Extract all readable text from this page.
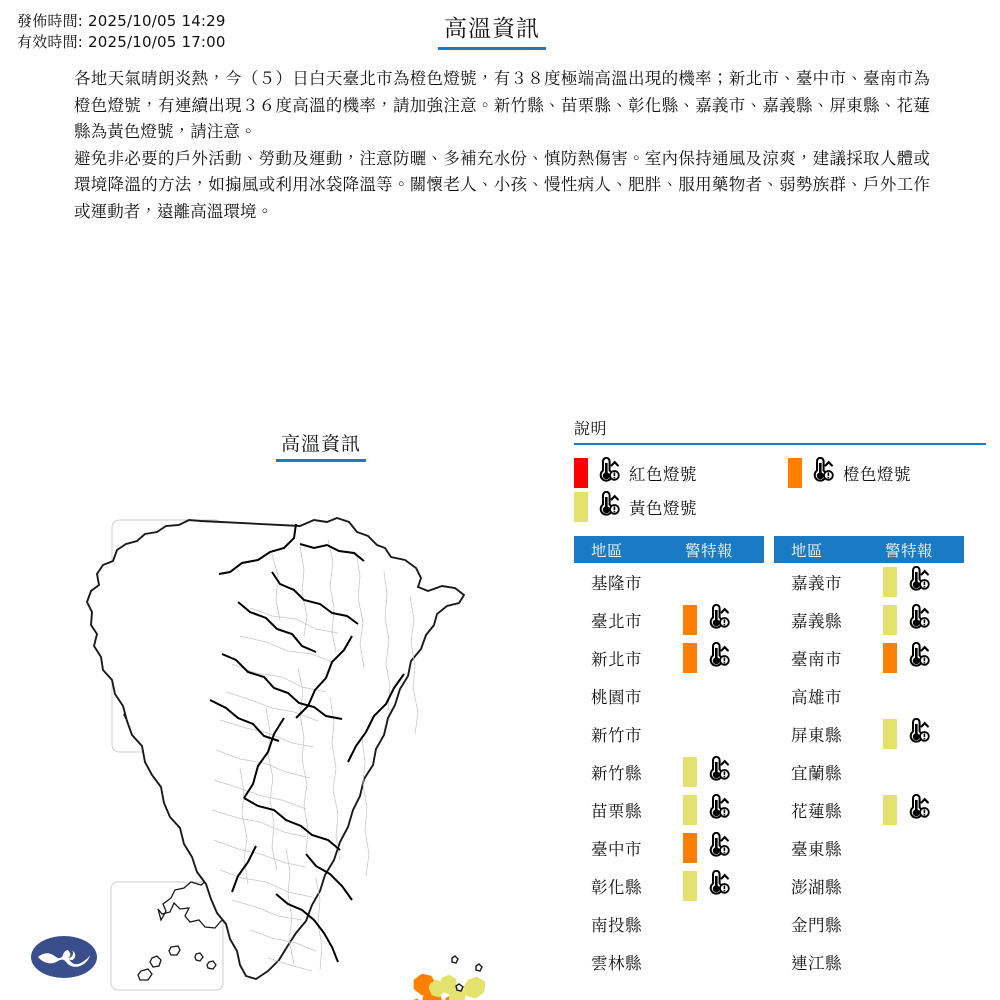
發佈時間: 2025/10/05 14:29
有效時間: 2025/10/05 17:00	高溫資訊

各地天氣晴朗炎熱，今（５）日白天臺北市為橙色燈號，有３８度極端高溫出現的機率；新北市、臺中市、臺南市為橙色燈號，有連續出現３６度高溫的機率，請加強注意。新竹縣、苗栗縣、彰化縣、嘉義市、嘉義縣、屏東縣、花蓮縣為黃色燈號，請注意。

避免非必要的戶外活動、勞動及運動，注意防曬、多補充水份、慎防熱傷害。室內保持通風及涼爽，建議採取人體或環境降溫的方法，如搧風或利用冰袋降溫等。關懷老人、小孩、慢性病人、肥胖、服用藥物者、弱勢族群、戶外工作或運動者，遠離高溫環境。

高溫資訊
說明
紅色燈號	橙色燈號
黃色燈號
地區	警特報
基隆市
臺北市
新北市
桃園市
新竹市
新竹縣
苗栗縣
臺中市
彰化縣
南投縣
雲林縣
地區	警特報
嘉義市
嘉義縣
臺南市
高雄市
屏東縣
宜蘭縣
花蓮縣
臺東縣
澎湖縣
金門縣
連江縣
